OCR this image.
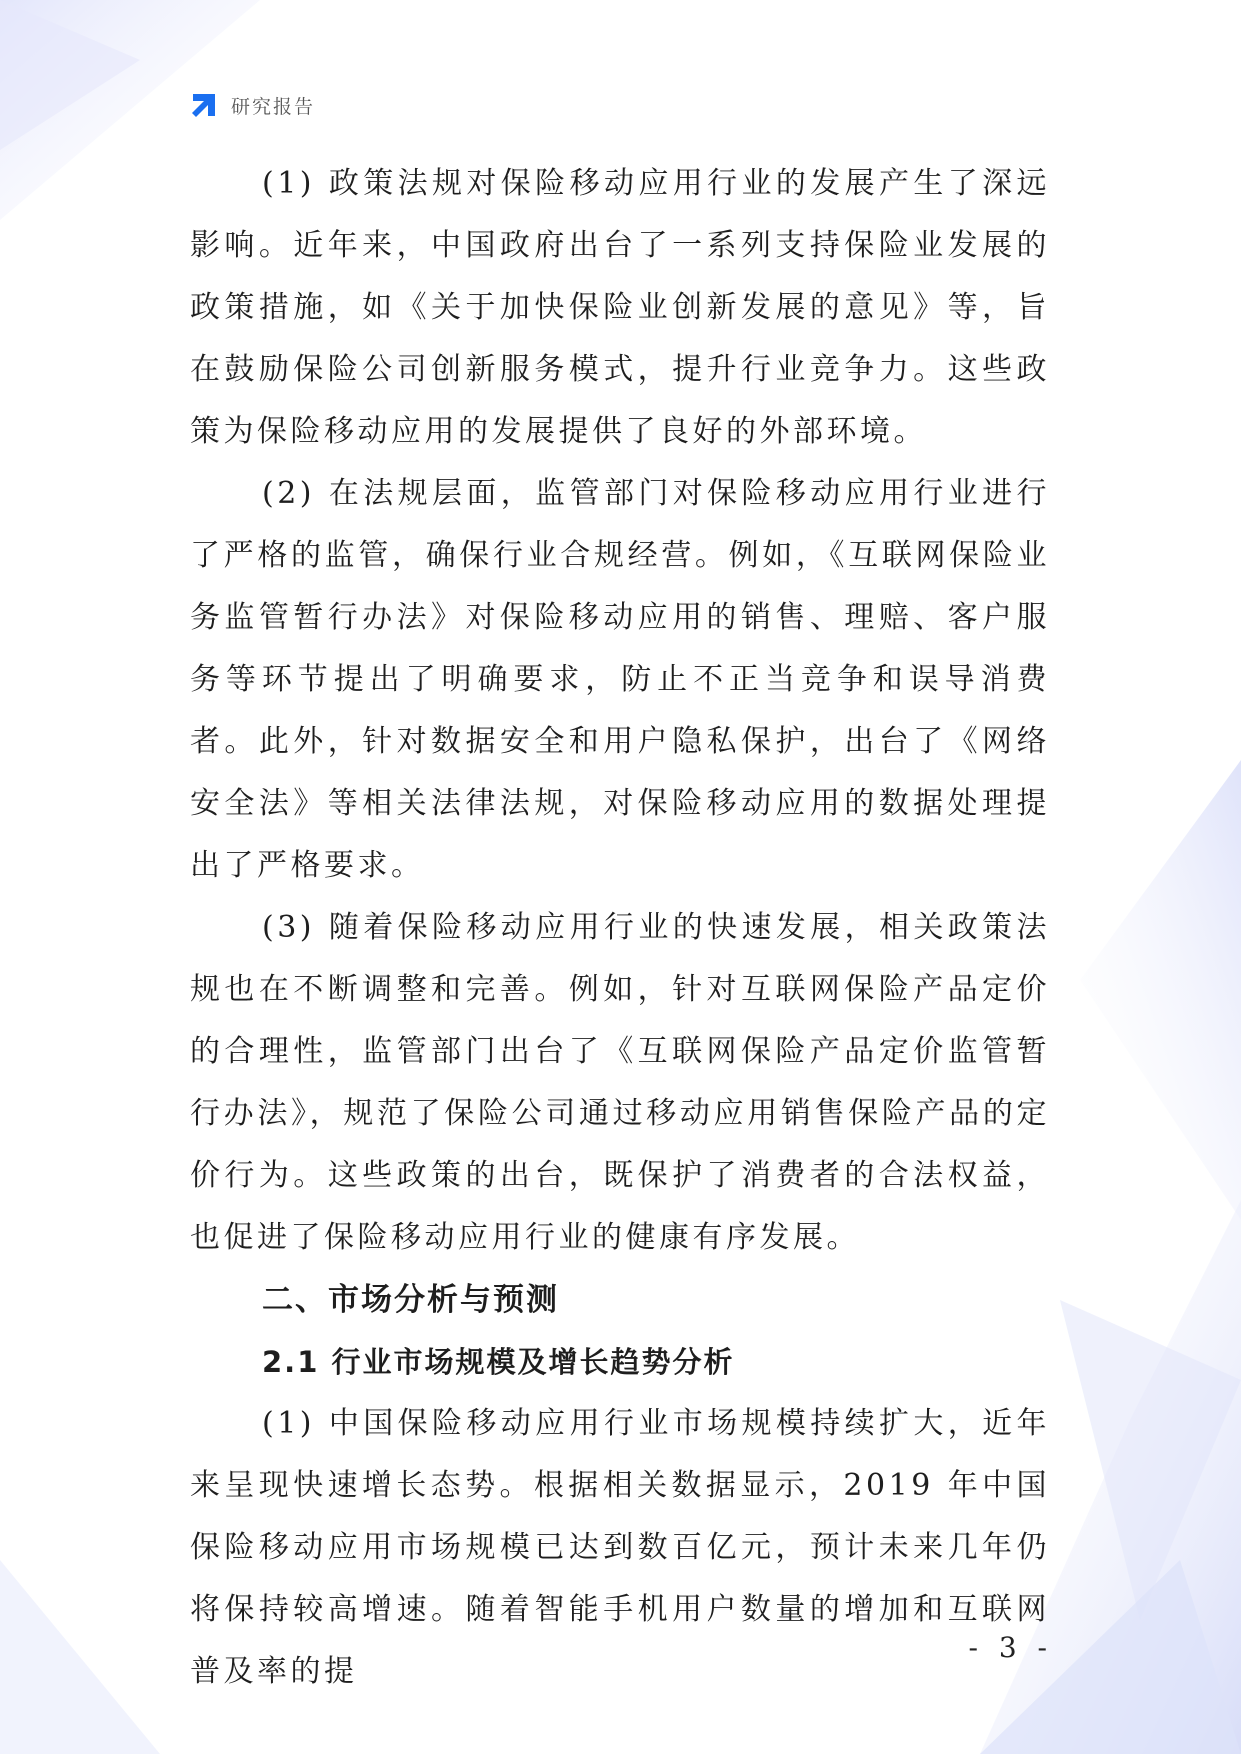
研究报告

(1) 政策法规对保险移动应用行业的发展产生了深远影响。近年来，中国政府出台了一系列支持保险业发展的政策措施，如《关于加快保险业创新发展的意见》等，旨在鼓励保险公司创新服务模式，提升行业竞争力。这些政策为保险移动应用的发展提供了良好的外部环境。

(2) 在法规层面，监管部门对保险移动应用行业进行了严格的监管，确保行业合规经营。例如，《互联网保险业务监管暂行办法》对保险移动应用的销售、理赔、客户服务等环节提出了明确要求，防止不正当竞争和误导消费者。此外，针对数据安全和用户隐私保护，出台了《网络安全法》等相关法律法规，对保险移动应用的数据处理提出了严格要求。

(3) 随着保险移动应用行业的快速发展，相关政策法规也在不断调整和完善。例如，针对互联网保险产品定价的合理性，监管部门出台了《互联网保险产品定价监管暂行办法》，规范了保险公司通过移动应用销售保险产品的定价行为。这些政策的出台，既保护了消费者的合法权益，也促进了保险移动应用行业的健康有序发展。

二、市场分析与预测
2.1 行业市场规模及增长趋势分析

(1) 中国保险移动应用行业市场规模持续扩大，近年来呈现快速增长态势。根据相关数据显示，2019 年中国保险移动应用市场规模已达到数百亿元，预计未来几年仍将保持较高增速。随着智能手机用户数量的增加和互联网普及率的提

- 3 -
